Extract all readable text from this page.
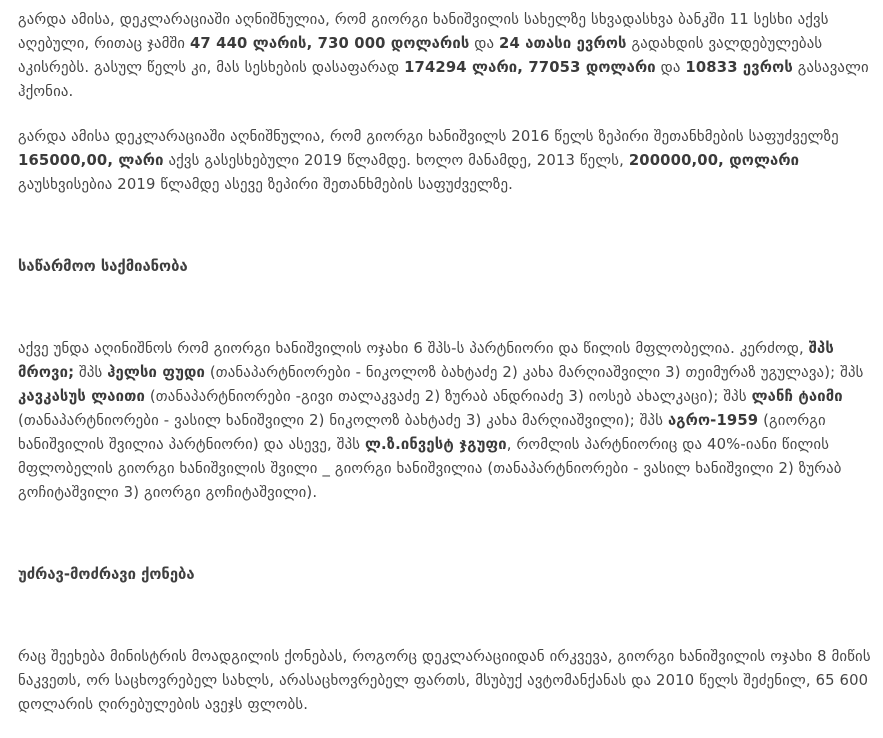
გარდა ამისა, დეკლარაციაში აღნიშნულია, რომ გიორგი ხანიშვილის სახელზე სხვადასხვა ბანკში 11 სესხი აქვს აღებული, რითაც ჯამში 47 440 ლარის, 730 000 დოლარის და 24 ათასი ევროს გადახდის ვალდებულებას აკისრებს. გასულ წელს კი, მას სესხების დასაფარად 174294 ლარი, 77053 დოლარი და 10833 ევროს გასავალი ჰქონია.

გარდა ამისა დეკლარაციაში აღნიშნულია, რომ გიორგი ხანიშვილს 2016 წელს ზეპირი შეთანხმების საფუძველზე 165000,00, ლარი აქვს გასესხებული 2019 წლამდე. ხოლო მანამდე, 2013 წელს, 200000,00, დოლარი გაუსხვისებია 2019 წლამდე ასევე ზეპირი შეთანხმების საფუძველზე.

საწარმოო საქმიანობა

აქვე უნდა აღინიშნოს რომ გიორგი ხანიშვილის ოჯახი 6 შპს-ს პარტნიორი და წილის მფლობელია. კერძოდ, შპს მროვი; შპს ჰელსი ფუდი (თანაპარტნიორები - ნიკოლოზ ბახტაძე 2) კახა მარღიაშვილი 3) თეიმურაზ უგულავა); შპს კავკასუს ლაითი (თანაპარტნიორები -გივი თალაკვაძე 2) ზურაბ ანდრიაძე 3) იოსებ ახალკაცი); შპს ლანჩ ტაიმი (თანაპარტნიორები - ვასილ ხანიშვილი 2) ნიკოლოზ ბახტაძე 3) კახა მარღიაშვილი); შპს აგრო-1959 (გიორგი ხანიშვილის შვილია პარტნიორი) და ასევე, შპს ლ.ზ.ინვესტ ჯგუფი, რომლის პარტნიორიც და 40%-იანი წილის მფლობელის გიორგი ხანიშვილის შვილი _ გიორგი ხანიშვილია (თანაპარტნიორები - ვასილ ხანიშვილი 2) ზურაბ გოჩიტაშვილი 3) გიორგი გოჩიტაშვილი).

უძრავ-მოძრავი ქონება

რაც შეეხება მინისტრის მოადგილის ქონებას, როგორც დეკლარაციიდან ირკვევა, გიორგი ხანიშვილის ოჯახი 8 მიწის ნაკვეთს, ორ საცხოვრებელ სახლს, არასაცხოვრებელ ფართს, მსუბუქ ავტომანქანას და 2010 წელს შეძენილ, 65 600 დოლარის ღირებულების ავეჯს ფლობს.
